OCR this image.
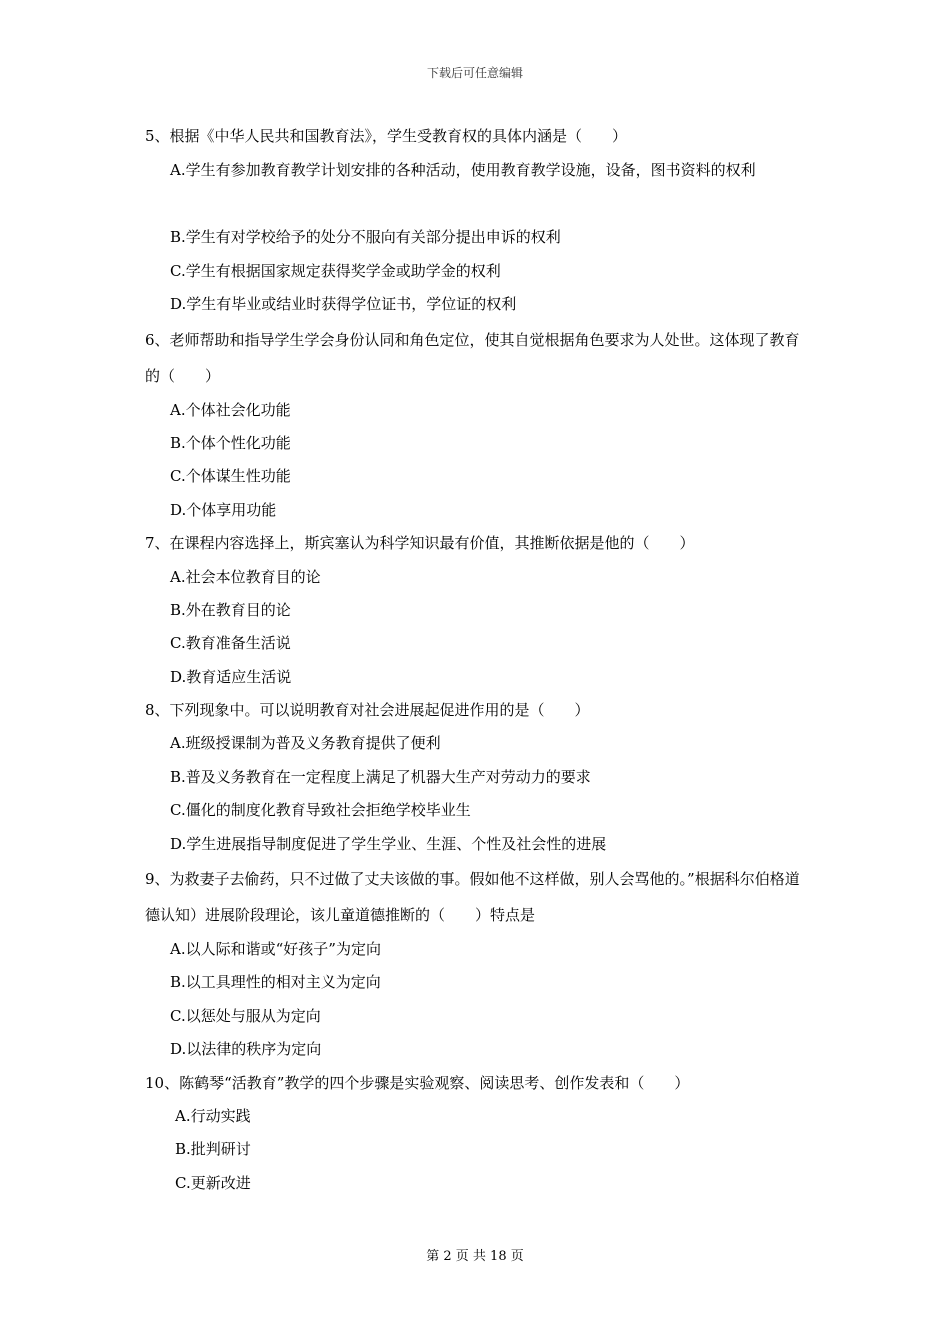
下载后可任意编辑
5、根据《中华人民共和国教育法》，学生受教育权的具体内涵是（　　）
A.学生有参加教育教学计划安排的各种活动，使用教育教学设施，设备，图书资料的权利
B.学生有对学校给予的处分不服向有关部分提出申诉的权利
C.学生有根据国家规定获得奖学金或助学金的权利
D.学生有毕业或结业时获得学位证书，学位证的权利
6、老师帮助和指导学生学会身份认同和角色定位，使其自觉根据角色要求为人处世。这体现了教育的（　　）
A.个体社会化功能
B.个体个性化功能
C.个体谋生性功能
D.个体享用功能
7、在课程内容选择上，斯宾塞认为科学知识最有价值，其推断依据是他的（　　）
A.社会本位教育目的论
B.外在教育目的论
C.教育准备生活说
D.教育适应生活说
8、下列现象中。可以说明教育对社会进展起促进作用的是（　　）
A.班级授课制为普及义务教育提供了便利
B.普及义务教育在一定程度上满足了机器大生产对劳动力的要求
C.僵化的制度化教育导致社会拒绝学校毕业生
D.学生进展指导制度促进了学生学业、生涯、个性及社会性的进展
9、为救妻子去偷药，只不过做了丈夫该做的事。假如他不这样做，别人会骂他的。”根据科尔伯格道德认知）进展阶段理论，该儿童道德推断的（　　）特点是
A.以人际和谐或“好孩子”为定向
B.以工具理性的相对主义为定向
C.以惩处与服从为定向
D.以法律的秩序为定向
10、陈鹤琴“活教育”教学的四个步骤是实验观察、阅读思考、创作发表和（　　）
A.行动实践
B.批判研讨
C.更新改进
第 2 页 共 18 页
